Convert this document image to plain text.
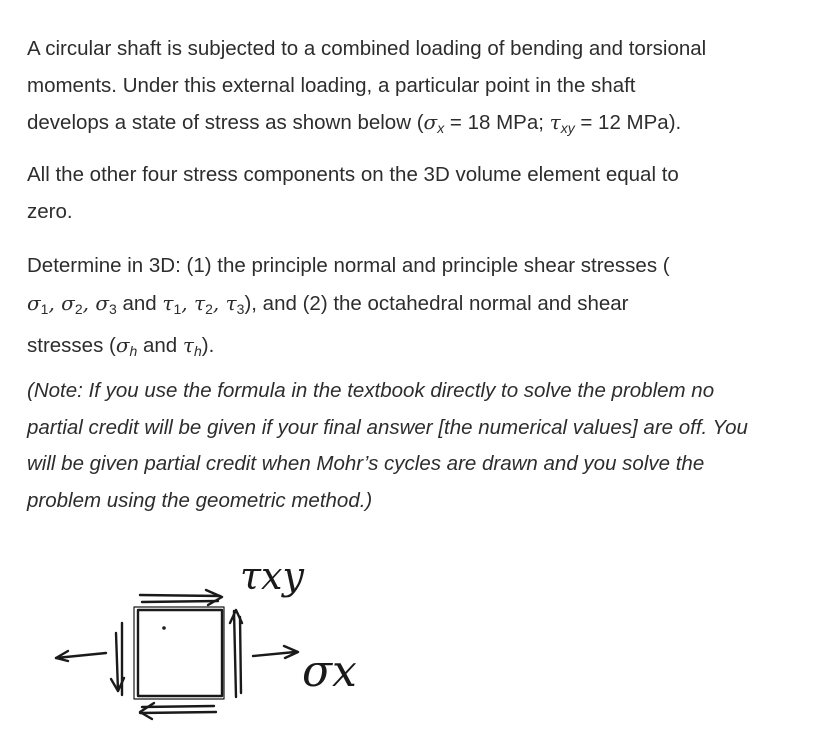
A circular shaft is subjected to a combined loading of bending and torsional
moments. Under this external loading, a particular point in the shaft
develops a state of stress as shown below ($\sigma_x = 18$ MPa; $\tau_{xy} = 12$ MPa).

All the other four stress components on the 3D volume element equal to
zero.

Determine in 3D: (1) the principle normal and principle shear stresses (
σ1, σ2, σ3 and τ1, τ2, τ3), and (2) the octahedral normal and shear
stresses ($\sigma_h$ and $\tau_h$).

(Note: If you use the formula in the textbook directly to solve the problem no
partial credit will be given if your final answer [the numerical values] are off. You
will be given partial credit when Mohr’s cycles are drawn and you solve the
problem using the geometric method.)

τxy
σx
